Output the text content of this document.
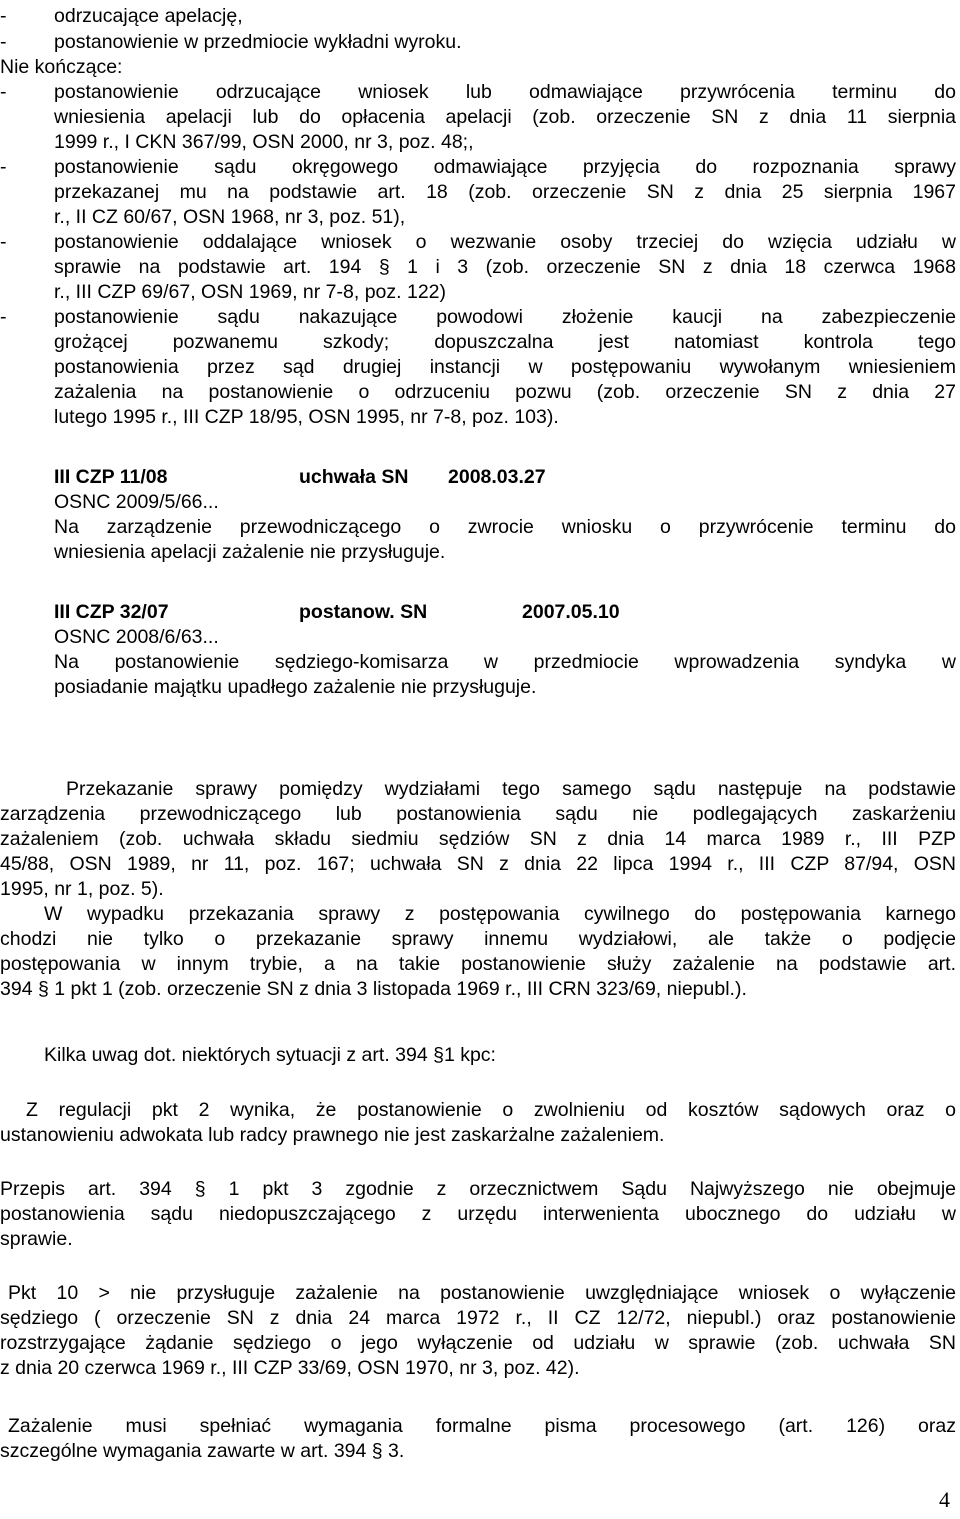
- odrzucające apelację,
- postanowienie w przedmiocie wykładni wyroku.
Nie kończące:
- postanowienie odrzucające wniosek lub odmawiające przywrócenia terminu do
wniesienia apelacji lub do opłacenia apelacji (zob. orzeczenie SN z dnia 11 sierpnia
1999 r., I CKN 367/99, OSN 2000, nr 3, poz. 48;,
- postanowienie sądu okręgowego odmawiające przyjęcia do rozpoznania sprawy
przekazanej mu na podstawie art. 18 (zob. orzeczenie SN z dnia 25 sierpnia 1967
r., II CZ 60/67, OSN 1968, nr 3, poz. 51),
- postanowienie oddalające wniosek o wezwanie osoby trzeciej do wzięcia udziału w
sprawie na podstawie art. 194 § 1 i 3 (zob. orzeczenie SN z dnia 18 czerwca 1968
r., III CZP 69/67, OSN 1969, nr 7-8, poz. 122)
- postanowienie sądu nakazujące powodowi złożenie kaucji na zabezpieczenie
grożącej pozwanemu szkody; dopuszczalna jest natomiast kontrola tego
postanowienia przez sąd drugiej instancji w postępowaniu wywołanym wniesieniem
zażalenia na postanowienie o odrzuceniu pozwu (zob. orzeczenie SN z dnia 27
lutego 1995 r., III CZP 18/95, OSN 1995, nr 7-8, poz. 103).
III CZP 11/08	uchwała SN 2008.03.27
OSNC 2009/5/66...
Na zarządzenie przewodniczącego o zwrocie wniosku o przywrócenie terminu do
wniesienia apelacji zażalenie nie przysługuje.
III CZP 32/07	postanow. SN	2007.05.10
OSNC 2008/6/63...
Na postanowienie sędziego-komisarza w przedmiocie wprowadzenia syndyka w
posiadanie majątku upadłego zażalenie nie przysługuje.
Przekazanie sprawy pomiędzy wydziałami tego samego sądu następuje na podstawie
zarządzenia przewodniczącego lub postanowienia sądu nie podlegających zaskarżeniu
zażaleniem (zob. uchwała składu siedmiu sędziów SN z dnia 14 marca 1989 r., III PZP
45/88, OSN 1989, nr 11, poz. 167; uchwała SN z dnia 22 lipca 1994 r., III CZP 87/94, OSN
1995, nr 1, poz. 5).
W wypadku przekazania sprawy z postępowania cywilnego do postępowania karnego
chodzi nie tylko o przekazanie sprawy innemu wydziałowi, ale także o podjęcie
postępowania w innym trybie, a na takie postanowienie służy zażalenie na podstawie art.
394 § 1 pkt 1 (zob. orzeczenie SN z dnia 3 listopada 1969 r., III CRN 323/69, niepubl.).
Kilka uwag dot. niektórych sytuacji z art. 394 §1 kpc:
Z regulacji pkt 2 wynika, że postanowienie o zwolnieniu od kosztów sądowych oraz o
ustanowieniu adwokata lub radcy prawnego nie jest zaskarżalne zażaleniem.
Przepis art. 394 § 1 pkt 3 zgodnie z orzecznictwem Sądu Najwyższego nie obejmuje
postanowienia sądu niedopuszczającego z urzędu interwenienta ubocznego do udziału w
sprawie.
Pkt 10 > nie przysługuje zażalenie na postanowienie uwzględniające wniosek o wyłączenie
sędziego ( orzeczenie SN z dnia 24 marca 1972 r., II CZ 12/72, niepubl.) oraz postanowienie
rozstrzygające żądanie sędziego o jego wyłączenie od udziału w sprawie (zob. uchwała SN
z dnia 20 czerwca 1969 r., III CZP 33/69, OSN 1970, nr 3, poz. 42).
Zażalenie musi spełniać wymagania formalne pisma procesowego (art. 126) oraz
szczególne wymagania zawarte w art. 394 § 3.
4
